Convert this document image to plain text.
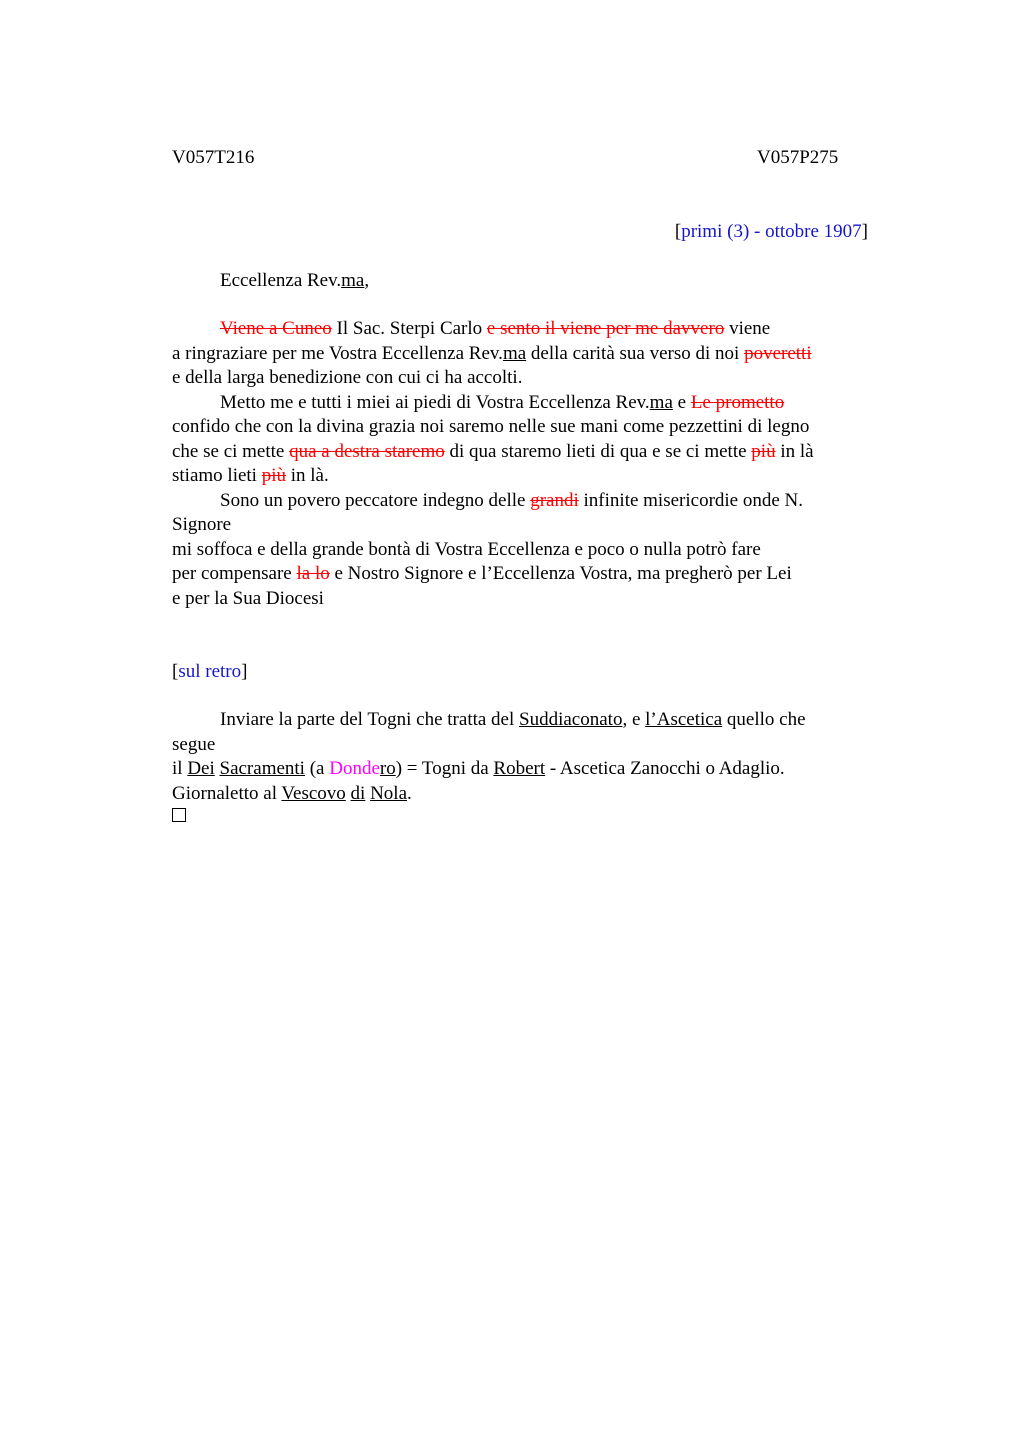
V057T216	V057P275
[primi (3) - ottobre 1907]
Eccellenza Rev.ma,
Viene a Cuneo Il Sac. Sterpi Carlo e sento il viene per me davvero viene
a ringraziare per me Vostra Eccellenza Rev.ma della carità sua verso di noi poveretti
e della larga benedizione con cui ci ha accolti.
Metto me e tutti i miei ai piedi di Vostra Eccellenza Rev.ma e Le prometto
confido che con la divina grazia noi saremo nelle sue mani come pezzettini di legno
che se ci mette qua a destra staremo di qua staremo lieti di qua e se ci mette più in là
stiamo lieti più in là.
Sono un povero peccatore indegno delle grandi infinite misericordie onde N.
Signore
mi soffoca e della grande bontà di Vostra Eccellenza e poco o nulla potrò fare
per compensare la lo e Nostro Signore e l’Eccellenza Vostra, ma pregherò per Lei
e per la Sua Diocesi
[sul retro]
Inviare la parte del Togni che tratta del Suddiaconato, e l’Ascetica quello che
segue
il Dei Sacramenti (a Dondero) = Togni da Robert - Ascetica Zanocchi o Adaglio.
Giornaletto al Vescovo di Nola.
